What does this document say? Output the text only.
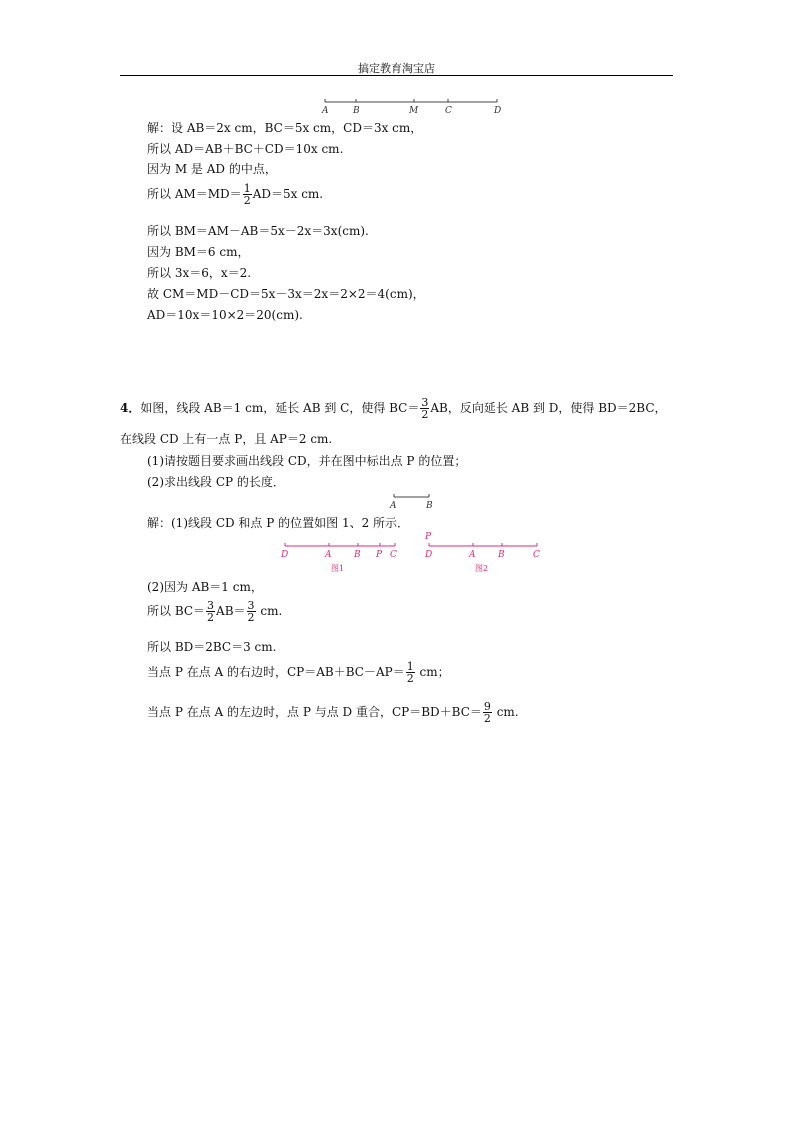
搞定教育淘宝店
A	B	M	C	D
解：设 AB＝2x cm，BC＝5x cm，CD＝3x cm，
所以 AD＝AB＋BC＋CD＝10x cm.
因为 M 是 AD 的中点，
所以 $AM=MD= \frac{1}{2} AD=5x$ cm.
所以 BM＝AM－AB＝5x－2x＝3x(cm).
因为 BM＝6 cm，
所以 3x＝6，x＝2.
故 CM＝MD－CD＝5x－3x＝2x＝2×2＝4(cm)，
AD＝10x＝10×2＝20(cm).
4．如图，线段 AB＝1 cm，延长 AB 到 C，使得 $BC= \frac{3}{2}$ AB，反向延长 AB 到 D，使得 BD＝2BC，
在线段 CD 上有一点 P，且 AP＝2 cm.
(1)请按题目要求画出线段 CD，并在图中标出点 P 的位置；
(2)求出线段 CP 的长度．
A	B
解：(1)线段 CD 和点 P 的位置如图 1、2 所示．
D	A	B P C
图1
P
D	A	B	C
图2
(2)因为 AB＝1 cm，
所以 $BC= \frac{3}{2} AB= \frac{3}{2}$ cm.
所以 BD＝2BC＝3 cm.
当点 P 在点 A 的右边时，$CP=AB+BC-AP= \frac{1}{2}$ cm；
当点 P 在点 A 的左边时，点 P 与点 D 重合，$CP=BD+BC= \frac{9}{2}$ cm.
